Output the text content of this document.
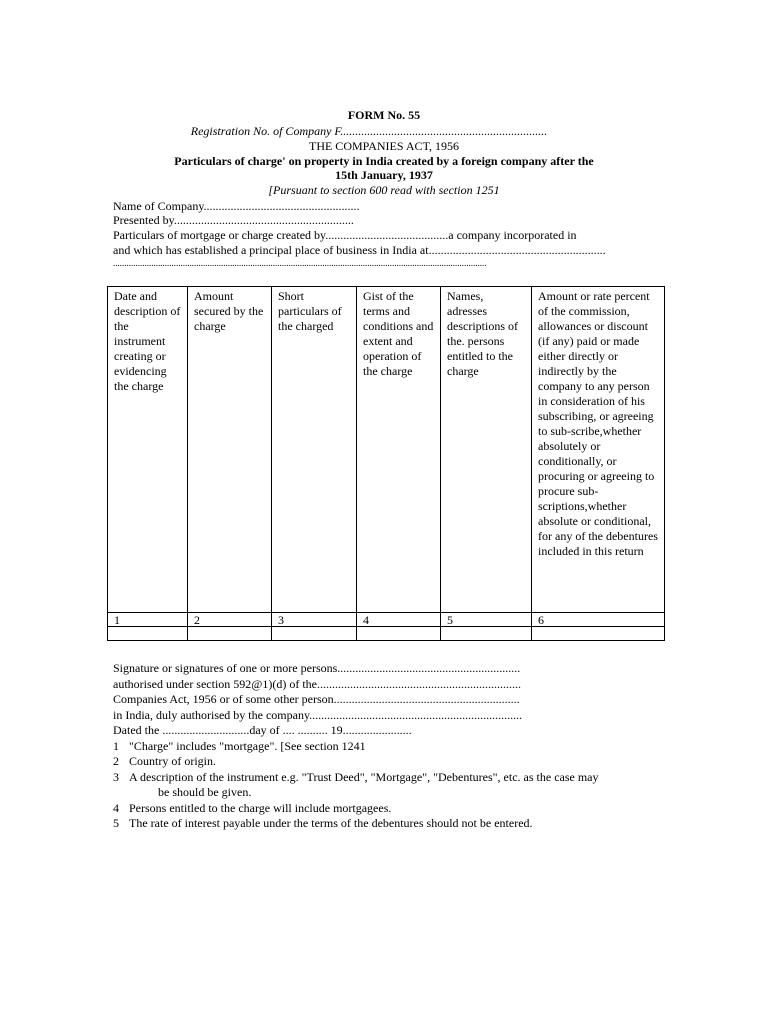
FORM No. 55
Registration No. of Company F.....................................................................
THE COMPANIES ACT, 1956
Particulars of charge' on property in India created by a foreign company after the
15th January, 1937
[Pursuant to section 600 read with section 1251
Name of Company....................................................
Presented by............................................................
Particulars of mortgage or charge created by.........................................a company incorporated in
and which has established a principal place of business in India at...........................................................
......................................................................................................................................................................
Date and description of the instrument creating or evidencing the charge	Amount secured by the charge	Short particulars of the charged	Gist of the terms and conditions and extent and operation of the charge	Names, adresses descriptions of the. persons entitled to the charge	Amount or rate percent of the commission, allowances or discount (if any) paid or made either directly or indirectly by the company to any person in consideration of his subscribing, or agreeing to sub-scribe,whether absolutely or conditionally, or procuring or agreeing to procure sub-scriptions,whether absolute or conditional, for any of the debentures included in this return
1	2	3	4	5	6

Signature or signatures of one or more persons.............................................................
authorised under section 592@1)(d) of the....................................................................
Companies Act, 1956 or of some other person..............................................................
in India, duly authorised by the company.......................................................................
Dated the .............................day of .... .......... 19.......................
1 "Charge" includes "mortgage". [See section 1241
2 Country of origin.
3 A description of the instrument e.g. "Trust Deed", "Mortgage", "Debentures", etc. as the case may
be should be given.
4 Persons entitled to the charge will include mortgagees.
5 The rate of interest payable under the terms of the debentures should not be entered.
